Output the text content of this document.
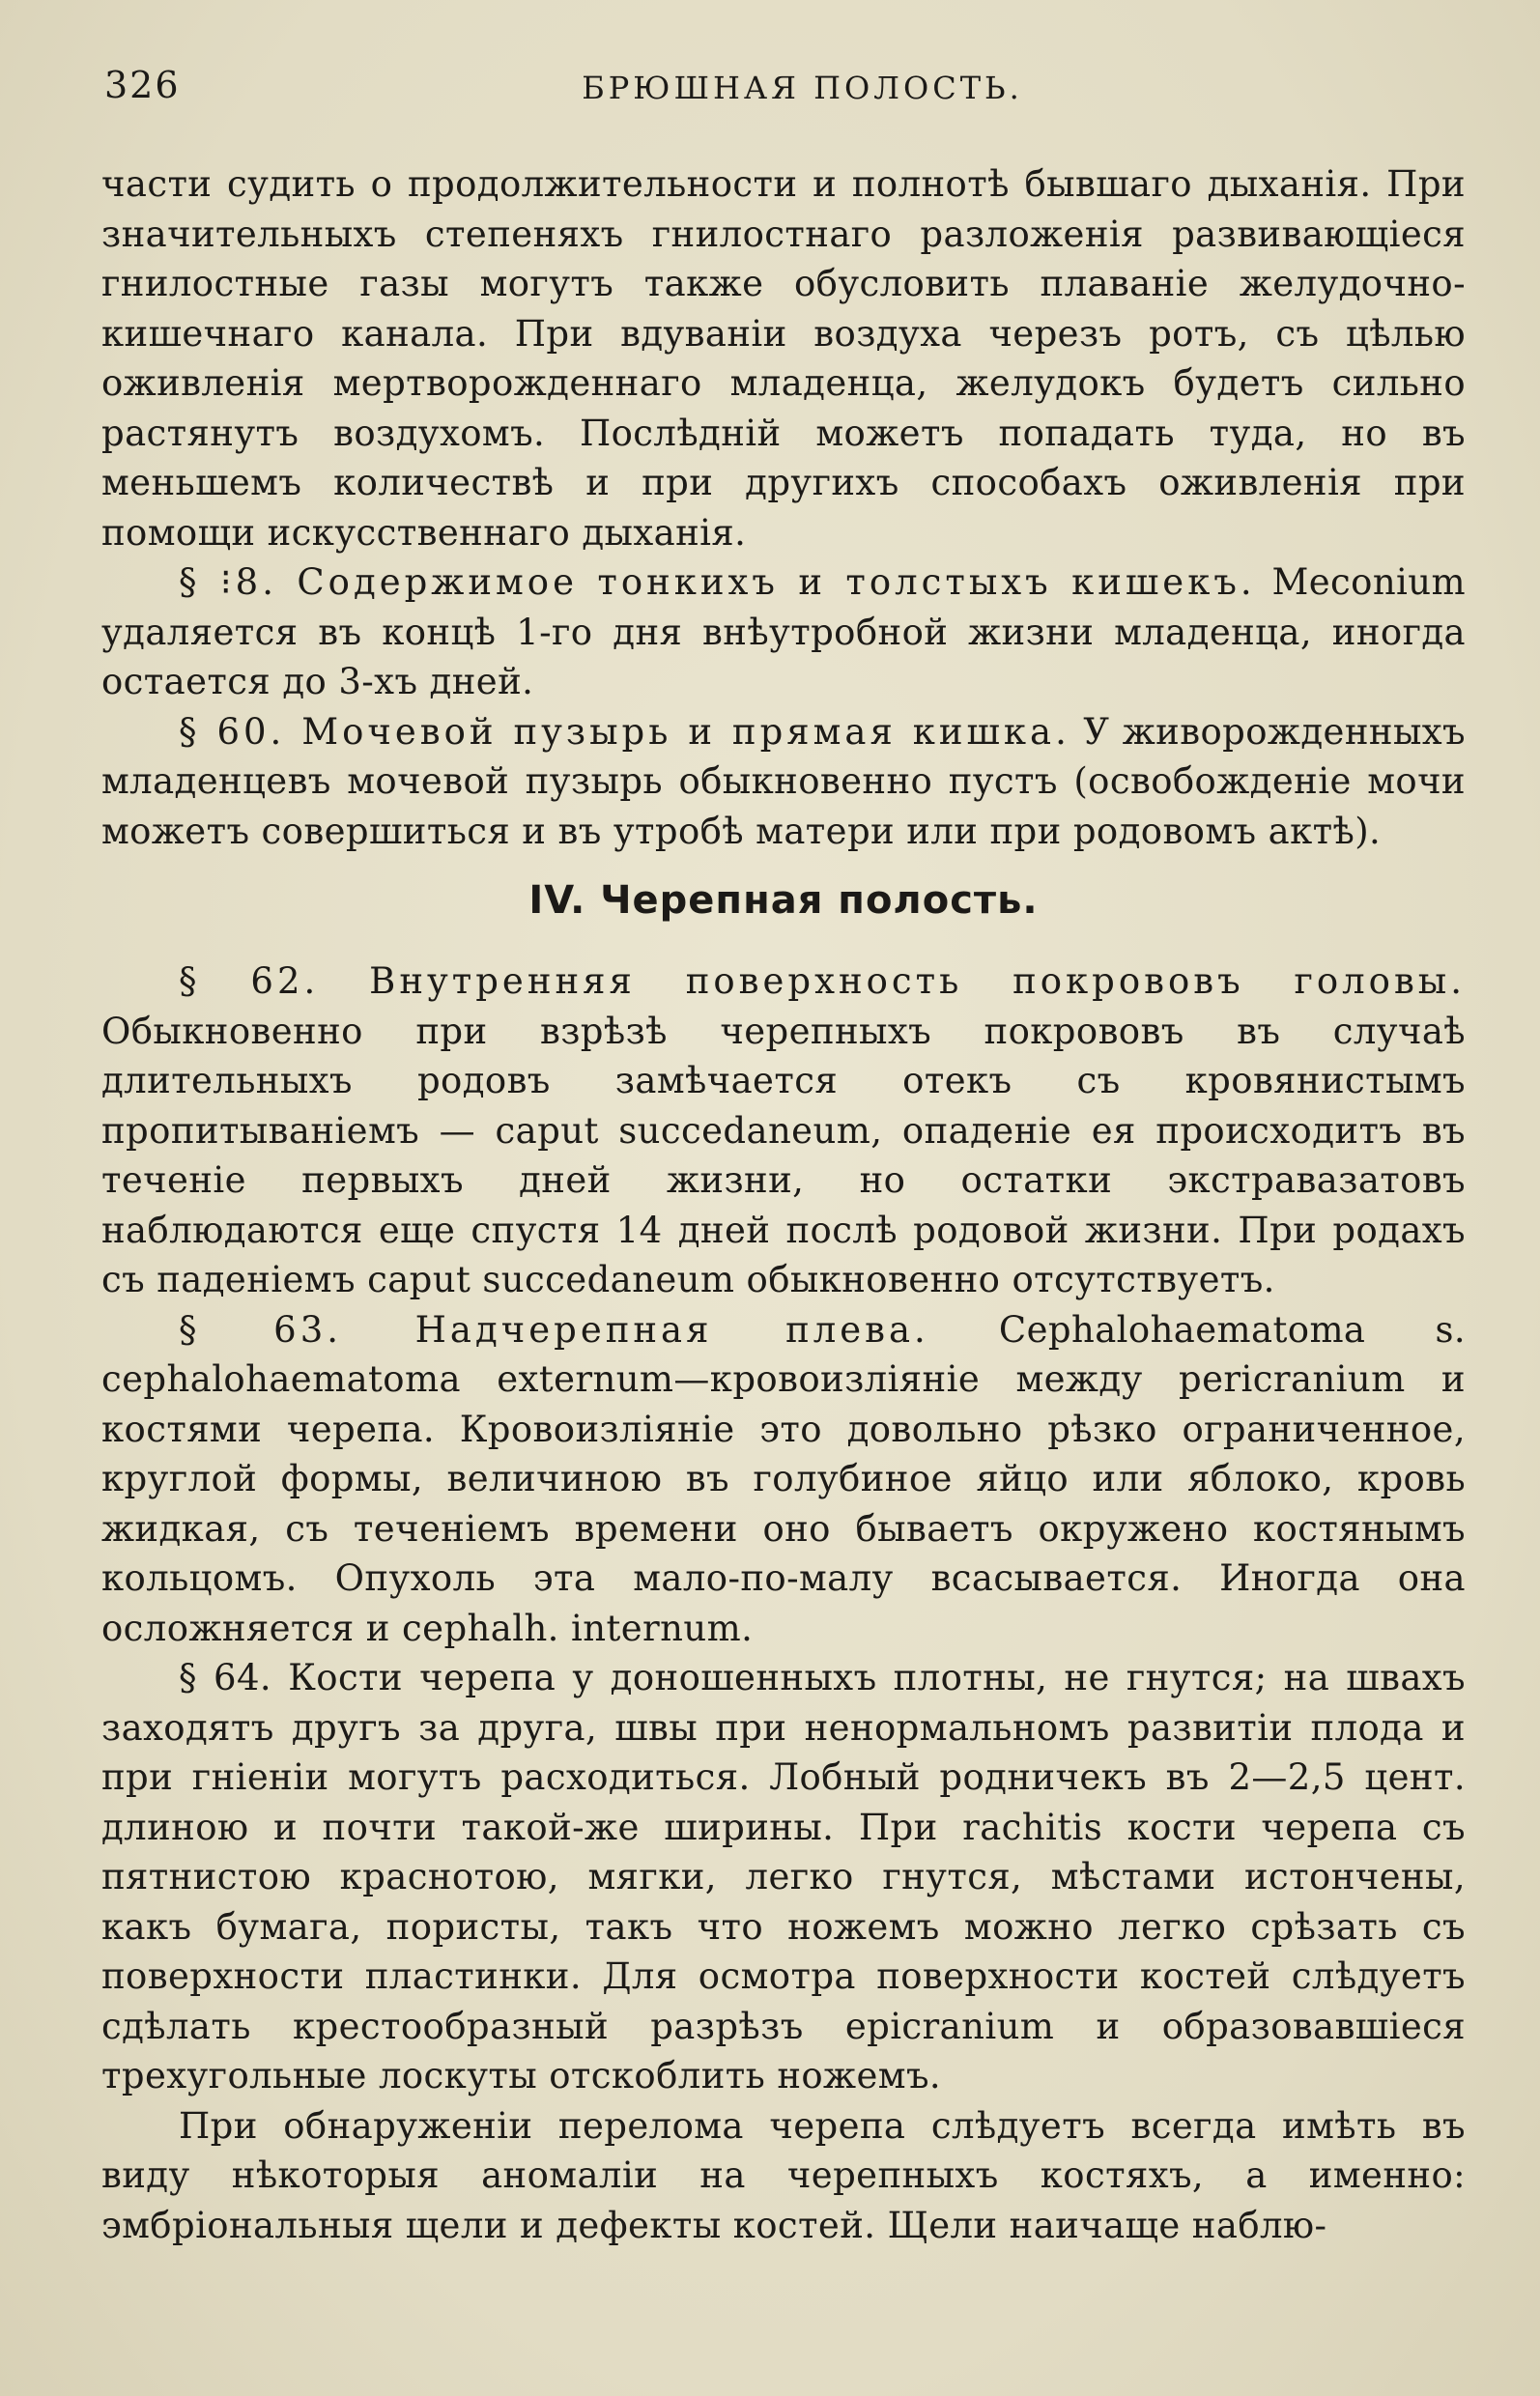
326	БРЮШНАЯ ПОЛОСТЬ.

части судить о продолжительности и полнотѣ бывшаго дыханія. При значительныхъ степеняхъ гнилостнаго разложенія развивающіеся гнилостные газы могутъ также обусловить плаваніе желудочно-кишечнаго канала. При вдуваніи воздуха черезъ ротъ, съ цѣлью оживленія мертворожденнаго младенца, желудокъ будетъ сильно растянутъ воздухомъ. Послѣдній можетъ попадать туда, но въ меньшемъ количествѣ и при другихъ способахъ оживленія при помощи искусственнаго дыханія.

§ ⁝8. Содержимое тонкихъ и толстыхъ кишекъ. Meconium удаляется въ концѣ 1-го дня внѣутробной жизни младенца, иногда остается до 3-хъ дней.

§ 60. Мочевой пузырь и прямая кишка. У живорожденныхъ младенцевъ мочевой пузырь обыкновенно пустъ (освобожденіе мочи можетъ совершиться и въ утробѣ матери или при родовомъ актѣ).

IV. Черепная полость.

§ 62. Внутренняя поверхность покрововъ головы. Обыкновенно при взрѣзѣ черепныхъ покрововъ въ случаѣ длительныхъ родовъ замѣчается отекъ съ кровянистымъ пропитываніемъ — caput succedaneum, опаденіе ея происходитъ въ теченіе первыхъ дней жизни, но остатки экстравазатовъ наблюдаются еще спустя 14 дней послѣ родовой жизни. При родахъ съ паденіемъ caput succedaneum обыкновенно отсутствуетъ.

§ 63. Надчерепная плева. Cephalohaematoma s. cephalohaematoma externum—кровоизліяніе между pericranium и костями черепа. Кровоизліяніе это довольно рѣзко ограниченное, круглой формы, величиною въ голубиное яйцо или яблоко, кровь жидкая, съ теченіемъ времени оно бываетъ окружено костянымъ кольцомъ. Опухоль эта мало-по-малу всасывается. Иногда она осложняется и cephalh. internum.

§ 64. Кости черепа у доношенныхъ плотны, не гнутся; на швахъ заходятъ другъ за друга, швы при ненормальномъ развитіи плода и при гніеніи могутъ расходиться. Лобный родничекъ въ 2—2,5 цент. длиною и почти такой-же ширины. При rachitis кости черепа съ пятнистою краснотою, мягки, легко гнутся, мѣстами истончены, какъ бумага, пористы, такъ что ножемъ можно легко срѣзать съ поверхности пластинки. Для осмотра поверхности костей слѣдуетъ сдѣлать крестообразный разрѣзъ epicranium и образовавшіеся трехугольные лоскуты отскоблить ножемъ.

При обнаруженіи перелома черепа слѣдуетъ всегда имѣть въ виду нѣкоторыя аномаліи на черепныхъ костяхъ, а именно: эмбріональныя щели и дефекты костей. Щели наичаще наблю-
